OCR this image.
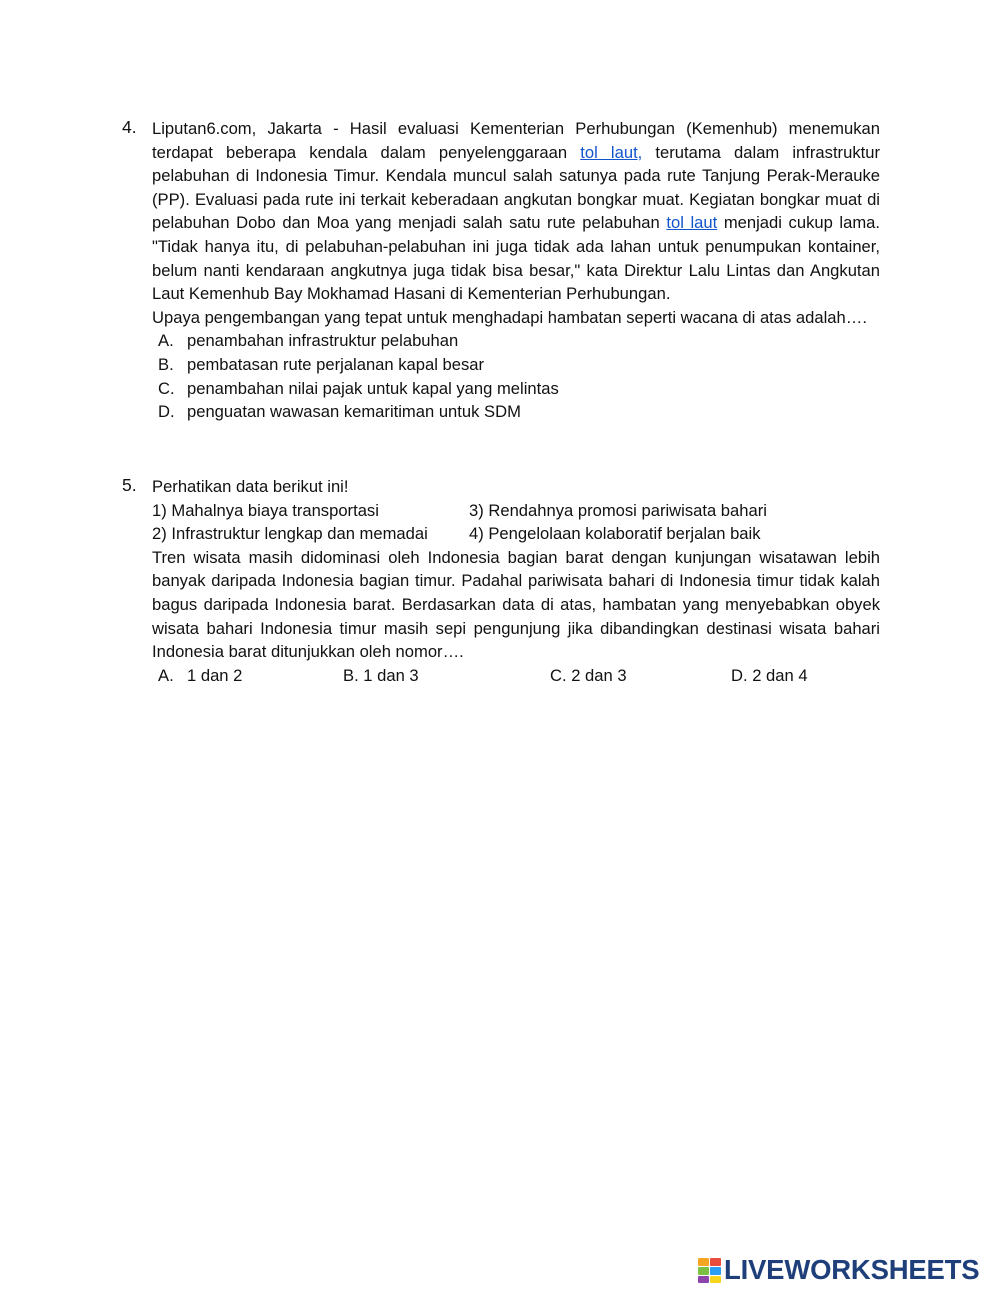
4. Liputan6.com, Jakarta - Hasil evaluasi Kementerian Perhubungan (Kemenhub) menemukan terdapat beberapa kendala dalam penyelenggaraan tol laut, terutama dalam infrastruktur pelabuhan di Indonesia Timur. Kendala muncul salah satunya pada rute Tanjung Perak-Merauke (PP). Evaluasi pada rute ini terkait keberadaan angkutan bongkar muat. Kegiatan bongkar muat di pelabuhan Dobo dan Moa yang menjadi salah satu rute pelabuhan tol laut menjadi cukup lama. "Tidak hanya itu, di pelabuhan-pelabuhan ini juga tidak ada lahan untuk penumpukan kontainer, belum nanti kendaraan angkutnya juga tidak bisa besar," kata Direktur Lalu Lintas dan Angkutan Laut Kemenhub Bay Mokhamad Hasani di Kementerian Perhubungan.
Upaya pengembangan yang tepat untuk menghadapi hambatan seperti wacana di atas adalah….
A. penambahan infrastruktur pelabuhan
B. pembatasan rute perjalanan kapal besar
C. penambahan nilai pajak untuk kapal yang melintas
D. penguatan wawasan kemaritiman untuk SDM
5. Perhatikan data berikut ini!
1) Mahalnya biaya transportasi	3) Rendahnya promosi pariwisata bahari
2) Infrastruktur lengkap dan memadai 4) Pengelolaan kolaboratif berjalan baik
Tren wisata masih didominasi oleh Indonesia bagian barat dengan kunjungan wisatawan lebih banyak daripada Indonesia bagian timur. Padahal pariwisata bahari di Indonesia timur tidak kalah bagus daripada Indonesia barat. Berdasarkan data di atas, hambatan yang menyebabkan obyek wisata bahari Indonesia timur masih sepi pengunjung jika dibandingkan destinasi wisata bahari Indonesia barat ditunjukkan oleh nomor….
A. 1 dan 2	B. 1 dan 3	C. 2 dan 3	D. 2 dan 4
LIVEWORKSHEETS
